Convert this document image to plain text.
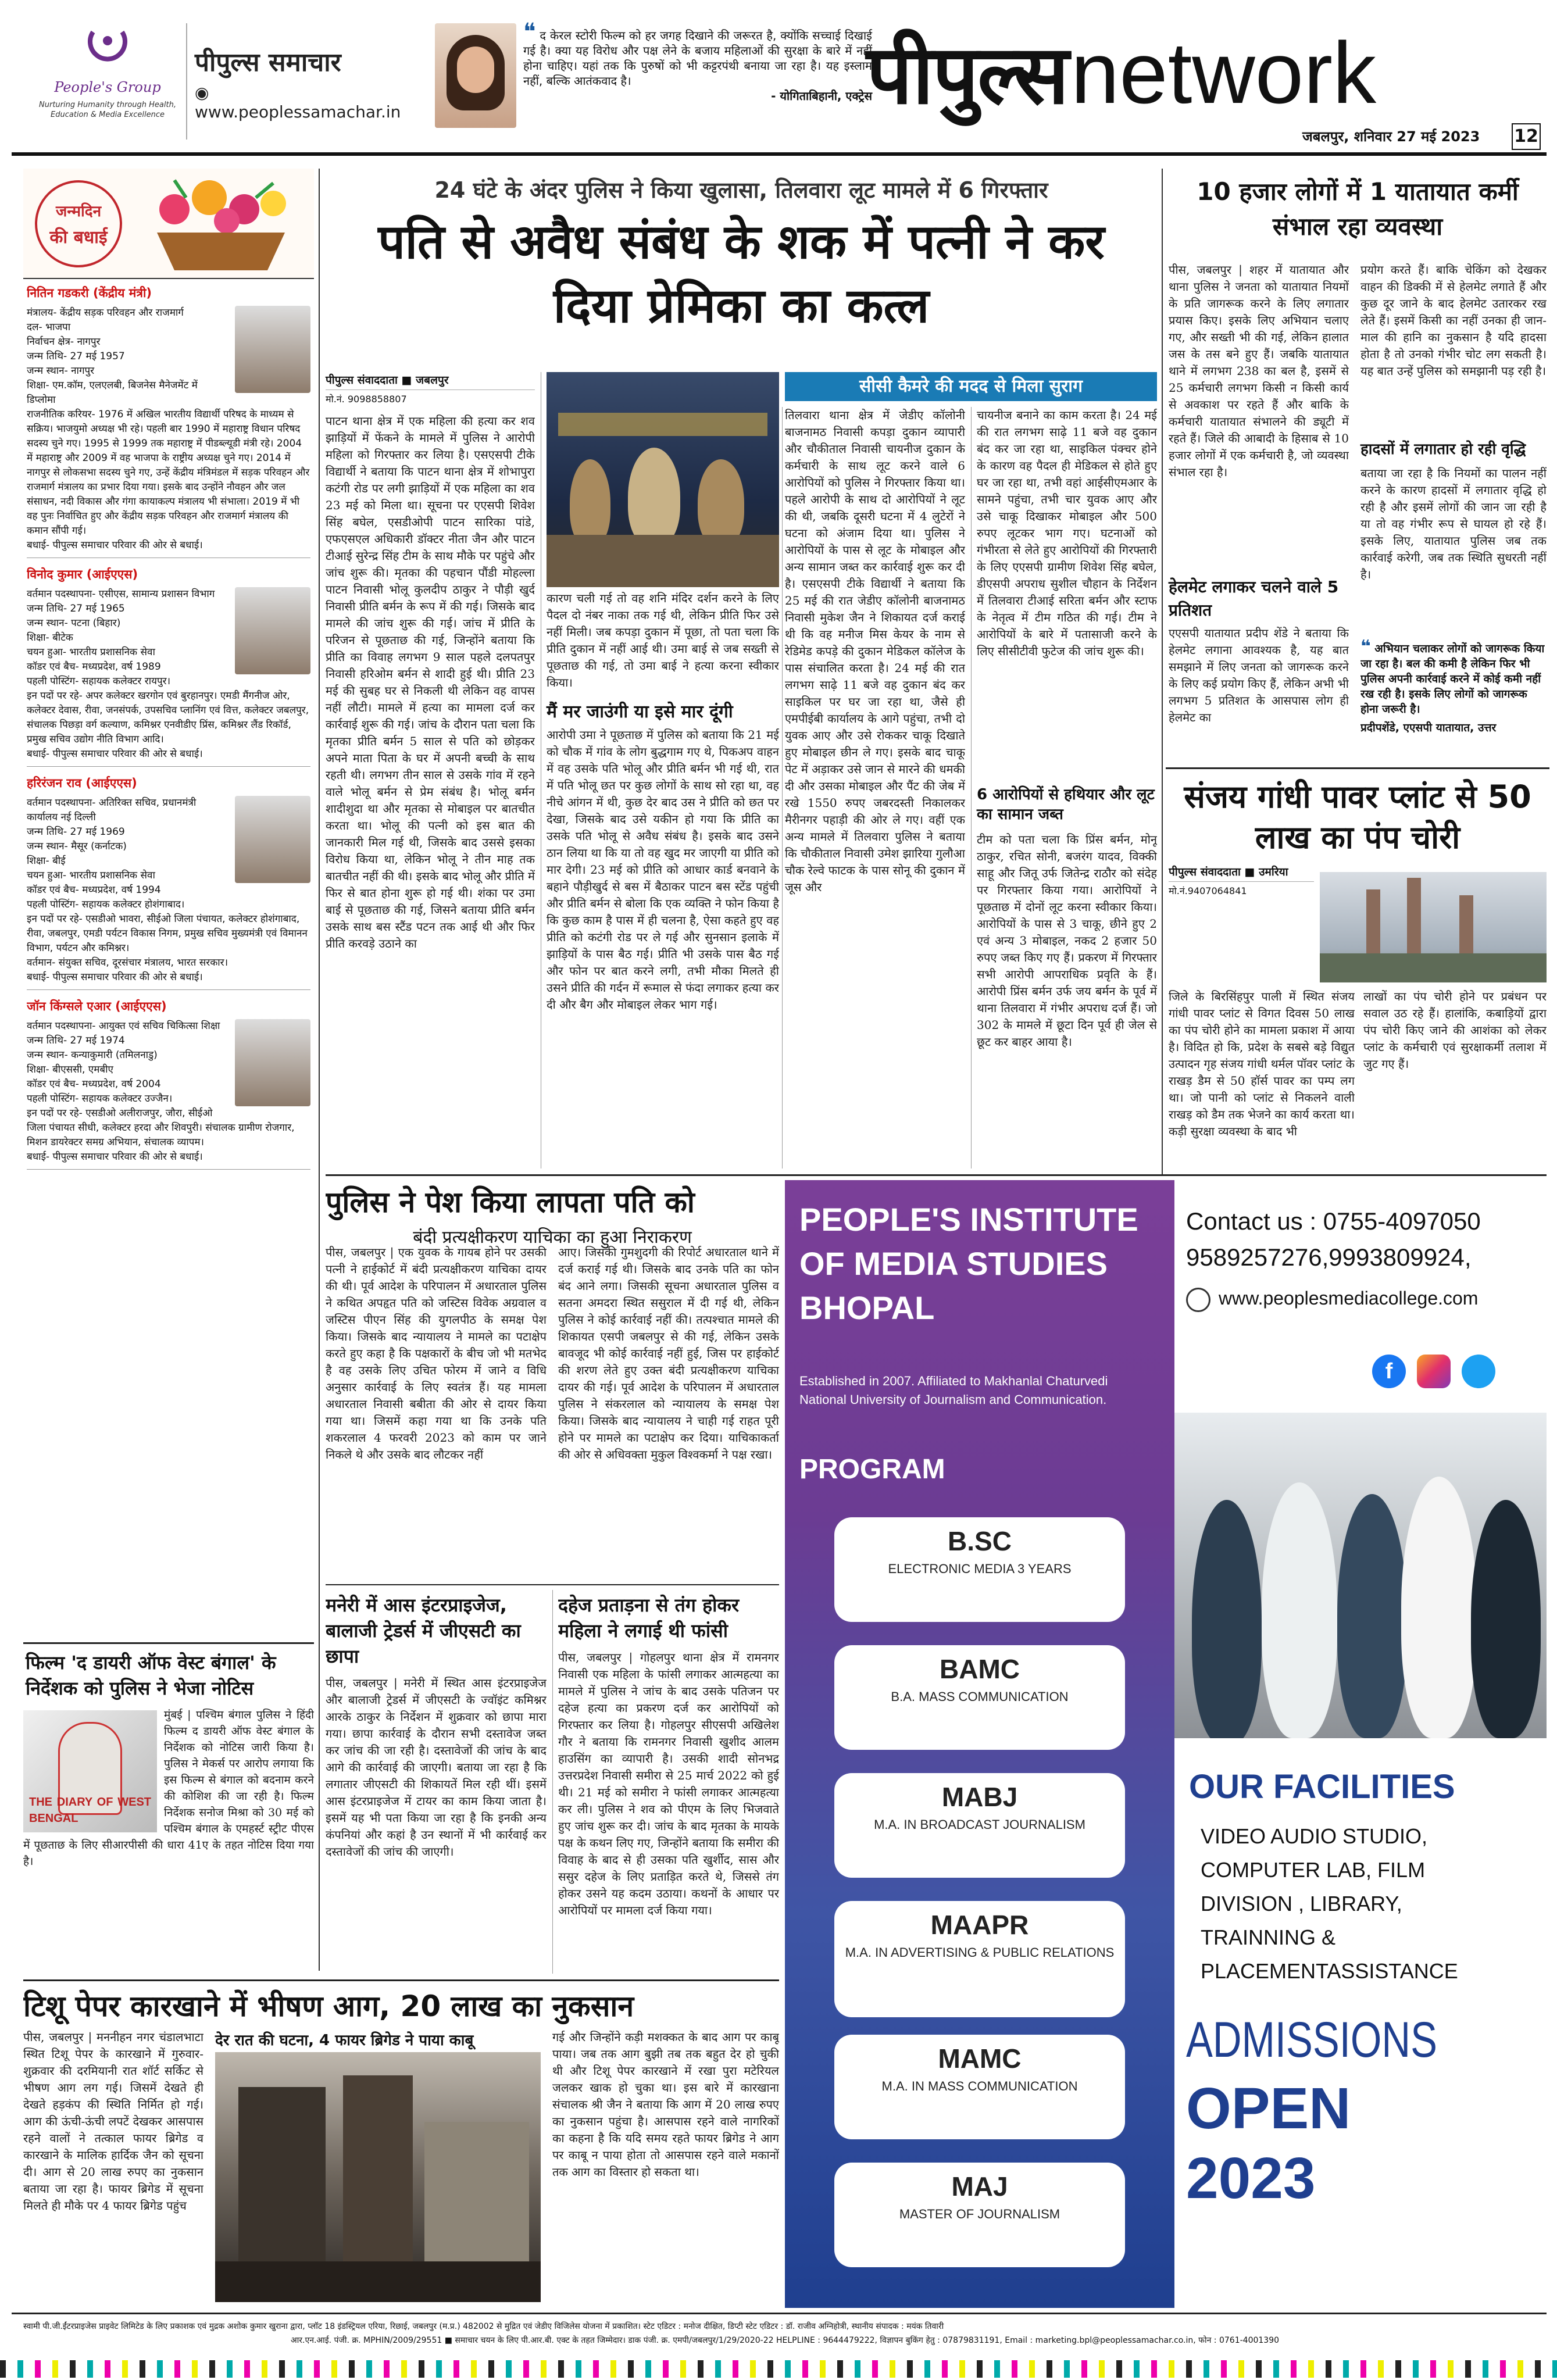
People's Group
Nurturing Humanity through Health, Education & Media Excellence
पीपुल्स समाचार
◉ www.peoplessamachar.in
❝ द केरल स्टोरी फिल्म को हर जगह दिखाने की जरूरत है, क्योंकि सच्चाई दिखाई गई है। क्या यह विरोध और पक्ष लेने के बजाय महिलाओं की सुरक्षा के बारे में नहीं होना चाहिए। यहां तक कि पुरुषों को भी कट्टरपंथी बनाया जा रहा है। यह इस्लाम नहीं, बल्कि आतंकवाद है।
- योगिताबिहानी, एक्ट्रेस
पीपुल्स network
जबलपुर, शनिवार 27 मई 2023 12
जन्मदिन
की बधाई
नितिन गडकरी (केंद्रीय मंत्री)
मंत्रालय- केंद्रीय सड़क परिवहन और राजमार्ग
दल- भाजपा
निर्वाचन क्षेत्र- नागपुर
जन्म तिथि- 27 मई 1957
जन्म स्थान- नागपुर
शिक्षा- एम.कॉम, एलएलबी, बिजनेस मैनेजमेंट में डिप्लोमा
राजनीतिक करियर- 1976 में अखिल भारतीय विद्यार्थी परिषद के माध्यम से सक्रिय। भाजयुमो अध्यक्ष भी रहे। पहली बार 1990 में महाराष्ट्र विधान परिषद सदस्य चुने गए। 1995 से 1999 तक महाराष्ट्र में पीडब्ल्यूडी मंत्री रहे। 2004 में महाराष्ट्र और 2009 में वह भाजपा के राष्ट्रीय अध्यक्ष चुने गए। 2014 में नागपुर से लोकसभा सदस्य चुने गए, उन्हें केंद्रीय मंत्रिमंडल में सड़क परिवहन और राजमार्ग मंत्रालय का प्रभार दिया गया। इसके बाद उन्होंने नौवहन और जल संसाधन, नदी विकास और गंगा कायाकल्प मंत्रालय भी संभाला। 2019 में भी वह पुनः निर्वाचित हुए और केंद्रीय सड़क परिवहन और राजमार्ग मंत्रालय की कमान सौंपी गई।
बधाई- पीपुल्स समाचार परिवार की ओर से बधाई।
विनोद कुमार (आईएएस)
वर्तमान पदस्थापना- एसीएस, सामान्य प्रशासन विभाग
जन्म तिथि- 27 मई 1965
जन्म स्थान- पटना (बिहार)
शिक्षा- बीटेक
चयन हुआ- भारतीय प्रशासनिक सेवा
कॉडर एवं बैच- मध्यप्रदेश, वर्ष 1989
पहली पोस्टिंग- सहायक कलेक्टर रायपुर।
इन पदों पर रहे- अपर कलेक्टर खरगोन एवं बुरहानपुर। एमडी मैंगनीज ओर, कलेक्टर देवास, रीवा, जनसंपर्क, उपसचिव प्लानिंग एवं वित्त, कलेक्टर जबलपुर, संचालक पिछड़ा वर्ग कल्याण, कमिश्नर एनवीडीए प्रिंस, कमिश्नर लैंड रिकॉर्ड, प्रमुख सचिव उद्योग नीति विभाग आदि।
बधाई- पीपुल्स समाचार परिवार की ओर से बधाई।
हरिरंजन राव (आईएएस)
वर्तमान पदस्थापना- अतिरिक्त सचिव, प्रधानमंत्री कार्यालय नई दिल्ली
जन्म तिथि- 27 मई 1969
जन्म स्थान- मैसूर (कर्नाटक)
शिक्षा- बीई
चयन हुआ- भारतीय प्रशासनिक सेवा
कॉडर एवं बैच- मध्यप्रदेश, वर्ष 1994
पहली पोस्टिंग- सहायक कलेक्टर होशंगाबाद।
इन पदों पर रहे- एसडीओ भावरा, सीईओ जिला पंचायत, कलेक्टर होशंगाबाद, रीवा, जबलपुर, एमडी पर्यटन विकास निगम, प्रमुख सचिव मुख्यमंत्री एवं विमानन विभाग, पर्यटन और कमिश्नर।
वर्तमान- संयुक्त सचिव, दूरसंचार मंत्रालय, भारत सरकार।
बधाई- पीपुल्स समाचार परिवार की ओर से बधाई।
जॉन किंग्सले एआर (आईएएस)
वर्तमान पदस्थापना- आयुक्त एवं सचिव चिकित्सा शिक्षा
जन्म तिथि- 27 मई 1974
जन्म स्थान- कन्याकुमारी (तमिलनाडु)
शिक्षा- बीएससी, एमबीए
कॉडर एवं बैच- मध्यप्रदेश, वर्ष 2004
पहली पोस्टिंग- सहायक कलेक्टर उज्जैन।
इन पदों पर रहे- एसडीओ अलीराजपुर, जौरा, सीईओ जिला पंचायत सीधी, कलेक्टर हरदा और शिवपुरी। संचालक ग्रामीण रोजगार, मिशन डायरेक्टर समग्र अभियान, संचालक व्यापम।
बधाई- पीपुल्स समाचार परिवार की ओर से बधाई।
फिल्म 'द डायरी ऑफ वेस्ट बंगाल' के निर्देशक को पुलिस ने भेजा नोटिस
THE DIARY OF WEST BENGAL
मुंबई | पश्चिम बंगाल पुलिस ने हिंदी फिल्म द डायरी ऑफ वेस्ट बंगाल के निर्देशक को नोटिस जारी किया है। पुलिस ने मेकर्स पर आरोप लगाया कि इस फिल्म से बंगाल को बदनाम करने की कोशिश की जा रही है। फिल्म निर्देशक सनोज मिश्रा को 30 मई को पश्चिम बंगाल के एमहर्स्ट स्ट्रीट पीएस में पूछताछ के लिए सीआरपीसी की धारा 41ए के तहत नोटिस दिया गया है।
24 घंटे के अंदर पुलिस ने किया खुलासा, तिलवारा लूट मामले में 6 गिरफ्तार
पति से अवैध संबंध के शक में पत्नी ने कर दिया प्रेमिका का कत्ल
पीपुल्स संवाददाता ■ जबलपुर
मो.नं. 9098858807
पाटन थाना क्षेत्र में एक महिला की हत्या कर शव झाड़ियों में फेंकने के मामले में पुलिस ने आरोपी महिला को गिरफ्तार कर लिया है। एसएसपी टीके विद्यार्थी ने बताया कि पाटन थाना क्षेत्र में शोभापुरा कटंगी रोड पर लगी झाड़ियों में एक महिला का शव 23 मई को मिला था। सूचना पर एएसपी शिवेश सिंह बघेल, एसडीओपी पाटन सारिका पांडे, एफएसएल अधिकारी डॉक्टर नीता जैन और पाटन टीआई सुरेन्द्र सिंह टीम के साथ मौके पर पहुंचे और जांच शुरू की। मृतका की पहचान पौंडी मोहल्ला पाटन निवासी भोलू कुलदीप ठाकुर ने पौड़ी खुर्द निवासी प्रीति बर्मन के रूप में की गई। जिसके बाद मामले की जांच शुरू की गई। जांच में प्रीति के परिजन से पूछताछ की गई, जिन्होंने बताया कि प्रीति का विवाह लगभग 9 साल पहले दलपतपुर निवासी हरिओम बर्मन से शादी हुई थी। प्रीति 23 मई की सुबह घर से निकली थी लेकिन वह वापस नहीं लौटी। मामले में हत्या का मामला दर्ज कर कार्रवाई शुरू की गई। जांच के दौरान पता चला कि मृतका प्रीति बर्मन 5 साल से पति को छोड़कर अपने माता पिता के घर में अपनी बच्ची के साथ रहती थी। लगभग तीन साल से उसके गांव में रहने वाले भोलू बर्मन से प्रेम संबंध है। भोलू बर्मन शादीशुदा था और मृतका से मोबाइल पर बातचीत करता था। भोलू की पत्नी को इस बात की जानकारी मिल गई थी, जिसके बाद उससे इसका विरोध किया था, लेकिन भोलू ने तीन माह तक बातचीत नहीं की थी। इसके बाद भोलू और प्रीति में फिर से बात होना शुरू हो गई थी। शंका पर उमा बाई से पूछताछ की गई, जिसने बताया प्रीति बर्मन उसके साथ बस स्टैंड पटन तक आई थी और फिर प्रीति करवड़े उठाने का
कारण चली गई तो वह शनि मंदिर दर्शन करने के लिए पैदल दो नंबर नाका तक गई थी, लेकिन प्रीति फिर उसे नहीं मिली। जब कपड़ा दुकान में पूछा, तो पता चला कि प्रीति दुकान में नहीं आई थी। उमा बाई से जब सख्ती से पूछताछ की गई, तो उमा बाई ने हत्या करना स्वीकार किया।
मैं मर जाउंगी या इसे मार दूंगी
आरोपी उमा ने पूछताछ में पुलिस को बताया कि 21 मई को चौक में गांव के लोग बुद्धगाम गए थे, पिकअप वाहन में वह उसके पति भोलू और प्रीति बर्मन भी गई थी, रात में पति भोलू छत पर कुछ लोगों के साथ सो रहा था, वह नीचे आंगन में थी, कुछ देर बाद उस ने प्रीति को छत पर देखा, जिसके बाद उसे यकीन हो गया कि प्रीति का उसके पति भोलू से अवैध संबंध है। इसके बाद उसने ठान लिया था कि या तो वह खुद मर जाएगी या प्रीति को मार देगी। 23 मई को प्रीति को आधार कार्ड बनवाने के बहाने पौड़ीखुर्द से बस में बैठाकर पाटन बस स्टेंड पहुंची और प्रीति बर्मन से बोला कि एक व्यक्ति ने फोन किया है कि कुछ काम है पास में ही चलना है, ऐसा कहते हुए वह प्रीति को कटंगी रोड पर ले गई और सुनसान इलाके में झाड़ियों के पास बैठ गई। प्रीति भी उसके पास बैठ गई और फोन पर बात करने लगी, तभी मौका मिलते ही उसने प्रीति की गर्दन में रूमाल से फंदा लगाकर हत्या कर दी और बैग और मोबाइल लेकर भाग गई।
सीसी कैमरे की मदद से मिला सुराग
तिलवारा थाना क्षेत्र में जेडीए कॉलोनी बाजनामठ निवासी कपड़ा दुकान व्यापारी और चौकीताल निवासी चायनीज दुकान के कर्मचारी के साथ लूट करने वाले 6 आरोपियों को पुलिस ने गिरफ्तार किया था। पहले आरोपी के साथ दो आरोपियों ने लूट की थी, जबकि दूसरी घटना में 4 लुटेरों ने घटना को अंजाम दिया था। पुलिस ने आरोपियों के पास से लूट के मोबाइल और अन्य सामान जब्त कर कार्रवाई शुरू कर दी है। एसएसपी टीके विद्यार्थी ने बताया कि 25 मई की रात जेडीए कॉलोनी बाजनामठ निवासी मुकेश जैन ने शिकायत दर्ज कराई थी कि वह मनीज मिस केयर के नाम से रेडिमेड कपड़े की दुकान मेडिकल कॉलेज के पास संचालित करता है। 24 मई की रात लगभग साढ़े 11 बजे वह दुकान बंद कर साइकिल पर घर जा रहा था, जैसे ही एमपीईबी कार्यालय के आगे पहुंचा, तभी दो युवक आए और उसे रोककर चाकू दिखाते हुए मोबाइल छीन ले गए। इसके बाद चाकू पेट में अड़ाकर उसे जान से मारने की धमकी दी और उसका मोबाइल और पैंट की जेब में रखे 1550 रुपए जबरदस्ती निकालकर मैरीनगर पहाड़ी की ओर ले गए। वहीं एक अन्य मामले में तिलवारा पुलिस ने बताया कि चौकीताल निवासी उमेश झारिया गुलौआ चौक रेल्वे फाटक के पास सोनू की दुकान में जूस और
चायनीज बनाने का काम करता है। 24 मई की रात लगभग साढ़े 11 बजे वह दुकान बंद कर जा रहा था, साइकिल पंक्चर होने के कारण वह पैदल ही मेडिकल से होते हुए घर जा रहा था, तभी वहां आईसीएमआर के सामने पहुंचा, तभी चार युवक आए और उसे चाकू दिखाकर मोबाइल और 500 रुपए लूटकर भाग गए। घटनाओं को गंभीरता से लेते हुए आरोपियों की गिरफ्तारी के लिए एएसपी ग्रामीण शिवेश सिंह बघेल, डीएसपी अपराध सुशील चौहान के निर्देशन में तिलवारा टीआई सरिता बर्मन और स्टाफ के नेतृत्व में टीम गठित की गई। टीम ने आरोपियों के बारे में पतासाजी करने के लिए सीसीटीवी फुटेज की जांच शुरू की।
6 आरोपियों से हथियार और लूट का सामान जब्त
टीम को पता चला कि प्रिंस बर्मन, मोनू ठाकुर, रचित सोनी, बजरंग यादव, विक्की साहू और जितू उर्फ जितेन्द्र राठौर को संदेह पर गिरफ्तार किया गया। आरोपियों ने पूछताछ में दोनों लूट करना स्वीकार किया। आरोपियों के पास से 3 चाकू, छीने हुए 2 एवं अन्य 3 मोबाइल, नकद 2 हजार 50 रुपए जब्त किए गए हैं। प्रकरण में गिरफ्तार सभी आरोपी आपराधिक प्रवृति के हैं। आरोपी प्रिंस बर्मन उर्फ जय बर्मन के पूर्व में थाना तिलवारा में गंभीर अपराध दर्ज हैं। जो 302 के मामले में छूटा दिन पूर्व ही जेल से छूट कर बाहर आया है।
10 हजार लोगों में 1 यातायात कर्मी संभाल रहा व्यवस्था
पीस, जबलपुर | शहर में यातायात और थाना पुलिस ने जनता को यातायात नियमों के प्रति जागरूक करने के लिए लगातार प्रयास किए। इसके लिए अभियान चलाए गए, और सख्ती भी की गई, लेकिन हालात जस के तस बने हुए हैं। जबकि यातायात थाने में लगभग 238 का बल है, इसमें से 25 कर्मचारी लगभग किसी न किसी कार्य से अवकाश पर रहते हैं और बाकि के कर्मचारी यातायात संभालने की ड्यूटी में रहते हैं। जिले की आबादी के हिसाब से 10 हजार लोगों में एक कर्मचारी है, जो व्यवस्था संभाल रहा है।
हेलमेट लगाकर चलने वाले 5 प्रतिशत
एएसपी यातायात प्रदीप शेंडे ने बताया कि हेलमेट लगाना आवश्यक है, यह बात समझाने में लिए जनता को जागरूक करने के लिए कई प्रयोग किए हैं, लेकिन अभी भी लगभग 5 प्रतिशत के आसपास लोग ही हेलमेट का
प्रयोग करते हैं। बाकि चेकिंग को देखकर वाहन की डिक्की में से हेलमेट लगाते हैं और कुछ दूर जाने के बाद हेलमेट उतारकर रख लेते हैं। इसमें किसी का नहीं उनका ही जान-माल की हानि का नुकसान है यदि हादसा होता है तो उनको गंभीर चोट लग सकती है। यह बात उन्हें पुलिस को समझानी पड़ रही है।
हादसों में लगातार हो रही वृद्धि
बताया जा रहा है कि नियमों का पालन नहीं करने के कारण हादसों में लगातार वृद्धि हो रही है और इसमें लोगों की जान जा रही है या तो वह गंभीर रूप से घायल हो रहे हैं। इसके लिए, यातायात पुलिस जब तक कार्रवाई करेगी, जब तक स्थिति सुधरती नहीं है।
❝ अभियान चलाकर लोगों को जागरूक किया जा रहा है। बल की कमी है लेकिन फिर भी पुलिस अपनी कार्रवाई करने में कोई कमी नहीं रख रही है। इसके लिए लोगों को जागरूक होना जरूरी है।
प्रदीपशेंडे, एएसपी यातायात, उत्तर
संजय गांधी पावर प्लांट से 50 लाख का पंप चोरी
पीपुल्स संवाददाता ■ उमरिया
मो.नं.9407064841
जिले के बिरसिंहपुर पाली में स्थित संजय गांधी पावर प्लांट से विगत दिवस 50 लाख का पंप चोरी होने का मामला प्रकाश में आया है। विदित हो कि, प्रदेश के सबसे बड़े विद्युत उत्पादन गृह संजय गांधी थर्मल पॉवर प्लांट के राखड़ डैम से 50 हॉर्स पावर का पम्प लग था। जो पानी को प्लांट से निकलने वाली राखड़ को डैम तक भेजने का कार्य करता था। कड़ी सुरक्षा व्यवस्था के बाद भी
लाखों का पंप चोरी होने पर प्रबंधन पर सवाल उठ रहे हैं। हालांकि, कबाड़ियों द्वारा पंप चोरी किए जाने की आशंका को लेकर प्लांट के कर्मचारी एवं सुरक्षाकर्मी तलाश में जुट गए हैं।
पुलिस ने पेश किया लापता पति को
बंदी प्रत्यक्षीकरण याचिका का हुआ निराकरण
पीस, जबलपुर | एक युवक के गायब होने पर उसकी पत्नी ने हाईकोर्ट में बंदी प्रत्यक्षीकरण याचिका दायर की थी। पूर्व आदेश के परिपालन में अधारताल पुलिस ने कथित अपहृत पति को जस्टिस विवेक अग्रवाल व जस्टिस पीएन सिंह की युगलपीठ के समक्ष पेश किया। जिसके बाद न्यायालय ने मामले का पटाक्षेप करते हुए कहा है कि पक्षकारों के बीच जो भी मतभेद है वह उसके लिए उचित फोरम में जाने व विधि अनुसार कार्रवाई के लिए स्वतंत्र हैं। यह मामला अधारताल निवासी बबीता की ओर से दायर किया गया था। जिसमें कहा गया था कि उनके पति शकरलाल 4 फरवरी 2023 को काम पर जाने निकले थे और उसके बाद लौटकर नहीं
आए। जिसकी गुमशुदगी की रिपोर्ट अधारताल थाने में दर्ज कराई गई थी। जिसके बाद उनके पति का फोन बंद आने लगा। जिसकी सूचना अधारताल पुलिस व सतना अमदरा स्थित ससुराल में दी गई थी, लेकिन पुलिस ने कोई कार्रवाई नहीं की। तत्पश्चात मामले की शिकायत एसपी जबलपुर से की गई, लेकिन उसके बावजूद भी कोई कार्रवाई नहीं हुई, जिस पर हाईकोर्ट की शरण लेते हुए उक्त बंदी प्रत्यक्षीकरण याचिका दायर की गई। पूर्व आदेश के परिपालन में अधारताल पुलिस ने संकरलाल को न्यायालय के समक्ष पेश किया। जिसके बाद न्यायालय ने चाही गई राहत पूरी होने पर मामले का पटाक्षेप कर दिया। याचिकाकर्ता की ओर से अधिवक्ता मुकुल विश्वकर्मा ने पक्ष रखा।
मनेरी में आस इंटरप्राइजेज, बालाजी ट्रेडर्स में जीएसटी का छापा
पीस, जबलपुर | मनेरी में स्थित आस इंटरप्राइजेज और बालाजी ट्रेडर्स में जीएसटी के ज्वॉइंट कमिश्नर आरके ठाकुर के निर्देशन में शुक्रवार को छापा मारा गया। छापा कार्रवाई के दौरान सभी दस्तावेज जब्त कर जांच की जा रही है। दस्तावेजों की जांच के बाद आगे की कार्रवाई की जाएगी। बताया जा रहा है कि लगातार जीएसटी की शिकायतें मिल रही थीं। इसमें आस इंटरप्राइजेज में टायर का काम किया जाता है। इसमें यह भी पता किया जा रहा है कि इनकी अन्य कंपनियां और कहां है उन स्थानों में भी कार्रवाई कर दस्तावेजों की जांच की जाएगी।
दहेज प्रताड़ना से तंग होकर महिला ने लगाई थी फांसी
पीस, जबलपुर | गोहलपुर थाना क्षेत्र में रामनगर निवासी एक महिला के फांसी लगाकर आत्महत्या का मामले में पुलिस ने जांच के बाद उसके पतिजन पर दहेज हत्या का प्रकरण दर्ज कर आरोपियों को गिरफ्तार कर लिया है। गोहलपुर सीएसपी अखिलेश गौर ने बताया कि रामनगर निवासी खुशीद आलम हाउसिंग का व्यापारी है। उसकी शादी सोनभद्र उत्तरप्रदेश निवासी समीरा से 25 मार्च 2022 को हुई थी। 21 मई को समीरा ने फांसी लगाकर आत्महत्या कर ली। पुलिस ने शव को पीएम के लिए भिजवाते हुए जांच शुरू कर दी। जांच के बाद मृतका के मायके पक्ष के कथन लिए गए, जिन्होंने बताया कि समीरा की विवाह के बाद से ही उसका पति खुर्शीद, सास और ससुर दहेज के लिए प्रताड़ित करते थे, जिससे तंग होकर उसने यह कदम उठाया। कथनों के आधार पर आरोपियों पर मामला दर्ज किया गया।
टिशू पेपर कारखाने में भीषण आग, 20 लाख का नुकसान
पीस, जबलपुर | मननीहन नगर चंडालभाटा स्थित टिशू पेपर के कारखाने में गुरुवार-शुक्रवार की दरमियानी रात शॉर्ट सर्किट से भीषण आग लग गई। जिसमें देखते ही देखते हड़कंप की स्थिति निर्मित हो गई। आग की ऊंची-ऊंची लपटें देखकर आसपास रहने वालों ने तत्काल फायर ब्रिगेड व कारखाने के मालिक हार्दिक जैन को सूचना दी। आग से 20 लाख रुपए का नुकसान बताया जा रहा है। फायर ब्रिगेड में सूचना मिलते ही मौके पर 4 फायर ब्रिगेड पहुंच
देर रात की घटना, 4 फायर ब्रिगेड ने पाया काबू	गई और जिन्होंने कड़ी मशक्कत के बाद आग पर काबू पाया। जब तक आग बुझी तब तक बहुत देर हो चुकी थी और टिशू पेपर कारखाने में रखा पुरा मटेरियल जलकर खाक हो चुका था। इस बारे में कारखाना संचालक श्री जैन ने बताया कि आग में 20 लाख रुपए का नुकसान पहुंचा है। आसपास रहने वाले नागरिकों का कहना है कि यदि समय रहते फायर ब्रिगेड ने आग पर काबू न पाया होता तो आसपास रहने वाले मकानों तक आग का विस्तार हो सकता था।
PEOPLE'S INSTITUTE
OF MEDIA STUDIES
BHOPAL
Established in 2007. Affiliated to Makhanlal Chaturvedi
National University of Journalism and Communication.
PROGRAM
B.SC
ELECTRONIC MEDIA 3 YEARS
BAMC
B.A. MASS COMMUNICATION
MABJ
M.A. IN BROADCAST JOURNALISM
MAAPR
M.A. IN ADVERTISING & PUBLIC RELATIONS
MAMC
M.A. IN MASS COMMUNICATION
MAJ
MASTER OF JOURNALISM
Contact us : 0755-4097050
9589257276,9993809924,
www.peoplesmediacollege.com
f
OUR FACILITIES
VIDEO AUDIO STUDIO, COMPUTER LAB, FILM DIVISION , LIBRARY, TRAINNING & PLACEMENTASSISTANCE
ADMISSIONS
OPEN
2023
स्वामी पी.जी.ईंटरप्राइजेस प्राइवेट लिमिटेड के लिए प्रकाशक एवं मुद्रक अशोक कुमार खुराना द्वारा, प्लॉट 18 इंडस्ट्रियल एरिया, रिछाई, जबलपुर (म.प्र.) 482002 से मुद्रित एवं जेडीए विजिलेस योजना में प्रकाशित। स्टेट एडिटर : मनोज दीक्षित, डिप्टी स्टेट एडिटर : डॉ. राजीव अग्निहोत्री, स्थानीय संपादक : मयंक तिवारी
आर.एन.आई. पंजी. क्र. MPHIN/2009/29551 ■ समाचार चयन के लिए पी.आर.बी. एक्ट के तहत जिम्मेदार। डाक पंजी. क्र. एमपी/जबलपुर/1/29/2020-22 HELPLINE : 9644479222, विज्ञापन बुकिंग हेतु : 07879831191, Email : marketing.bpl@peoplessamachar.co.in, फोन : 0761-4001390
